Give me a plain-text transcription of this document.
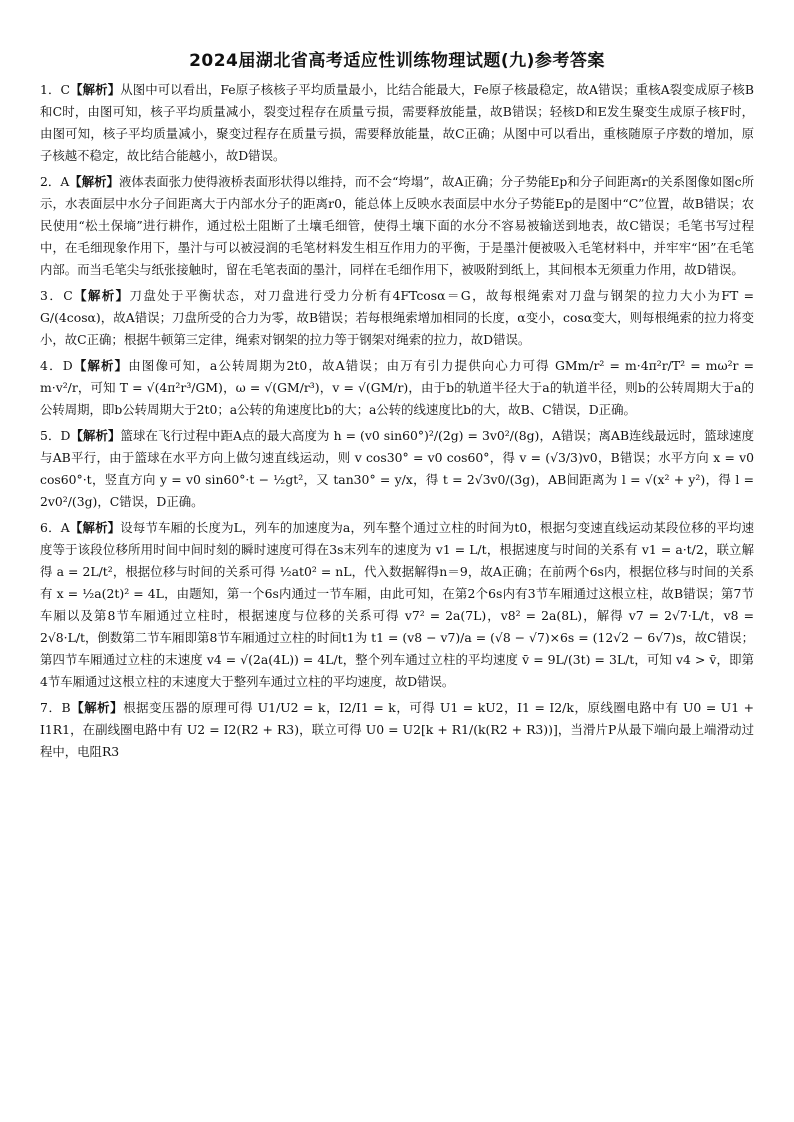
2024届湖北省高考适应性训练物理试题(九)参考答案

1．C【解析】从图中可以看出，Fe原子核核子平均质量最小，比结合能最大，Fe原子核最稳定，故A错误；重核A裂变成原子核B和C时，由图可知，核子平均质量减小，裂变过程存在质量亏损，需要释放能量，故B错误；轻核D和E发生聚变生成原子核F时，由图可知，核子平均质量减小，聚变过程存在质量亏损，需要释放能量，故C正确；从图中可以看出，重核随原子序数的增加，原子核越不稳定，故比结合能越小，故D错误。

2．A【解析】液体表面张力使得液桥表面形状得以维持，而不会“垮塌”，故A正确；分子势能Ep和分子间距离r的关系图像如图c所示，水表面层中水分子间距离大于内部水分子的距离r0，能总体上反映水表面层中水分子势能Ep的是图中“C”位置，故B错误；农民使用“松土保墒”进行耕作，通过松土阻断了土壤毛细管，使得土壤下面的水分不容易被输送到地表，故C错误；毛笔书写过程中，在毛细现象作用下，墨汁与可以被浸润的毛笔材料发生相互作用力的平衡，于是墨汁便被吸入毛笔材料中，并牢牢“困”在毛笔内部。而当毛笔尖与纸张接触时，留在毛笔表面的墨汁，同样在毛细作用下，被吸附到纸上，其间根本无须重力作用，故D错误。

3．C【解析】刀盘处于平衡状态，对刀盘进行受力分析有4FTcosα＝G，故每根绳索对刀盘与钢架的拉力大小为FT = G/(4cosα)，故A错误；刀盘所受的合力为零，故B错误；若每根绳索增加相同的长度，α变小，cosα变大，则每根绳索的拉力将变小，故C正确；根据牛顿第三定律，绳索对钢架的拉力等于钢架对绳索的拉力，故D错误。

4．D【解析】由图像可知，a公转周期为2t0，故A错误；由万有引力提供向心力可得 GMm/r² = m·4π²r/T² = mω²r = m·v²/r，可知 T = √(4π²r³/GM)，ω = √(GM/r³)，v = √(GM/r)，由于b的轨道半径大于a的轨道半径，则b的公转周期大于a的公转周期，即b公转周期大于2t0；a公转的角速度比b的大；a公转的线速度比b的大，故B、C错误，D正确。

5．D【解析】篮球在飞行过程中距A点的最大高度为 h = (v0 sin60°)²/(2g) = 3v0²/(8g)，A错误；离AB连线最远时，篮球速度与AB平行，由于篮球在水平方向上做匀速直线运动，则 v cos30° = v0 cos60°，得 v = (√3/3)v0，B错误；水平方向 x = v0 cos60°·t，竖直方向 y = v0 sin60°·t − ½gt²，又 tan30° = y/x，得 t = 2√3v0/(3g)，AB间距离为 l = √(x² + y²)，得 l = 2v0²/(3g)，C错误，D正确。

6．A【解析】设每节车厢的长度为L，列车的加速度为a，列车整个通过立柱的时间为t0，根据匀变速直线运动某段位移的平均速度等于该段位移所用时间中间时刻的瞬时速度可得在3s末列车的速度为 v1 = L/t，根据速度与时间的关系有 v1 = a·t/2，联立解得 a = 2L/t²，根据位移与时间的关系可得 ½at0² = nL，代入数据解得n＝9，故A正确；在前两个6s内，根据位移与时间的关系有 x = ½a(2t)² = 4L，由题知，第一个6s内通过一节车厢，由此可知，在第2个6s内有3节车厢通过这根立柱，故B错误；第7节车厢以及第8节车厢通过立柱时，根据速度与位移的关系可得 v7² = 2a(7L)，v8² = 2a(8L)，解得 v7 = 2√7·L/t，v8 = 2√8·L/t，倒数第二节车厢即第8节车厢通过立柱的时间t1为 t1 = (v8 − v7)/a = (√8 − √7)×6s = (12√2 − 6√7)s，故C错误；第四节车厢通过立柱的末速度 v4 = √(2a(4L)) = 4L/t，整个列车通过立柱的平均速度 v̄ = 9L/(3t) = 3L/t，可知 v4 > v̄，即第4节车厢通过这根立柱的末速度大于整列车通过立柱的平均速度，故D错误。

7．B【解析】根据变压器的原理可得 U1/U2 = k，I2/I1 = k，可得 U1 = kU2，I1 = I2/k，原线圈电路中有 U0 = U1 + I1R1，在副线圈电路中有 U2 = I2(R2 + R3)，联立可得 U0 = U2[k + R1/(k(R2 + R3))]，当滑片P从最下端向最上端滑动过程中，电阻R3
